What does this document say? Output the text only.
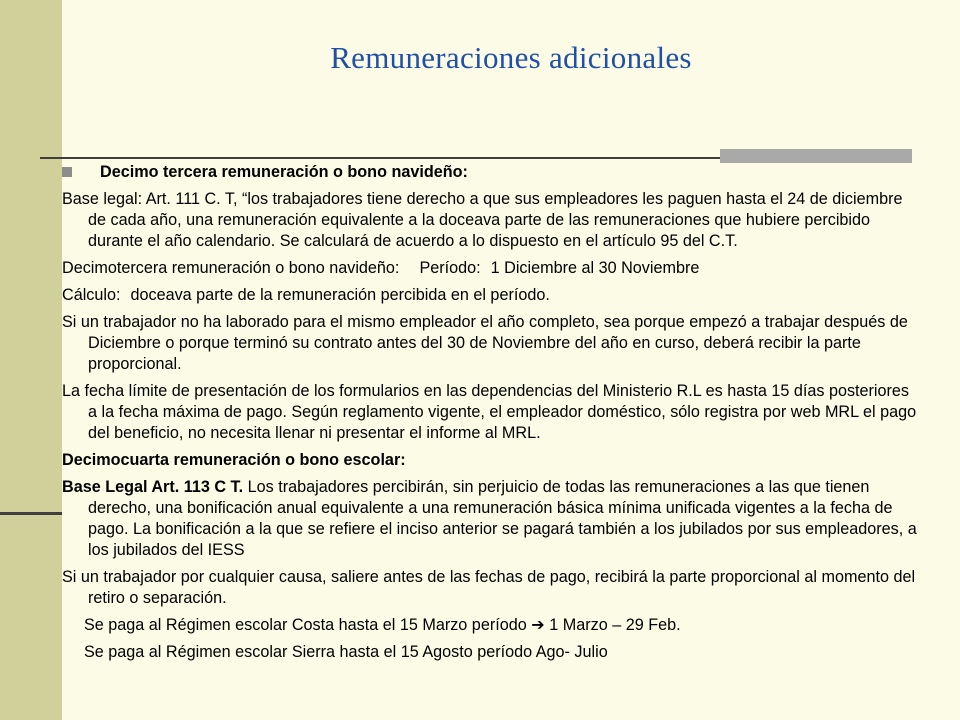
Remuneraciones adicionales
Decimo tercera remuneración o bono navideño:

Base legal: Art. 111 C. T, “los trabajadores tiene derecho a que sus empleadores les paguen hasta el 24 de diciembre de cada año, una remuneración equivalente a la doceava parte de las remuneraciones que hubiere percibido durante el año calendario. Se calculará de acuerdo a lo dispuesto en el artículo 95 del C.T.

Decimotercera remuneración o bono navideño: Período: 1 Diciembre al 30 Noviembre

Cálculo: doceava parte de la remuneración percibida en el período.

Si un trabajador no ha laborado para el mismo empleador el año completo, sea porque empezó a trabajar después de Diciembre o porque terminó su contrato antes del 30 de Noviembre del año en curso, deberá recibir la parte proporcional.

La fecha límite de presentación de los formularios en las dependencias del Ministerio R.L es hasta 15 días posteriores a la fecha máxima de pago. Según reglamento vigente, el empleador doméstico, sólo registra por web MRL el pago del beneficio, no necesita llenar ni presentar el informe al MRL.

Decimocuarta remuneración o bono escolar:

Base Legal Art. 113 C T. Los trabajadores percibirán, sin perjuicio de todas las remuneraciones a las que tienen derecho, una bonificación anual equivalente a una remuneración básica mínima unificada vigentes a la fecha de pago. La bonificación a la que se refiere el inciso anterior se pagará también a los jubilados por sus empleadores, a los jubilados del IESS

Si un trabajador por cualquier causa, saliere antes de las fechas de pago, recibirá la parte proporcional al momento del retiro o separación.

Se paga al Régimen escolar Costa hasta el 15 Marzo período ➔ 1 Marzo – 29 Feb.

Se paga al Régimen escolar Sierra hasta el 15 Agosto período Ago- Julio
